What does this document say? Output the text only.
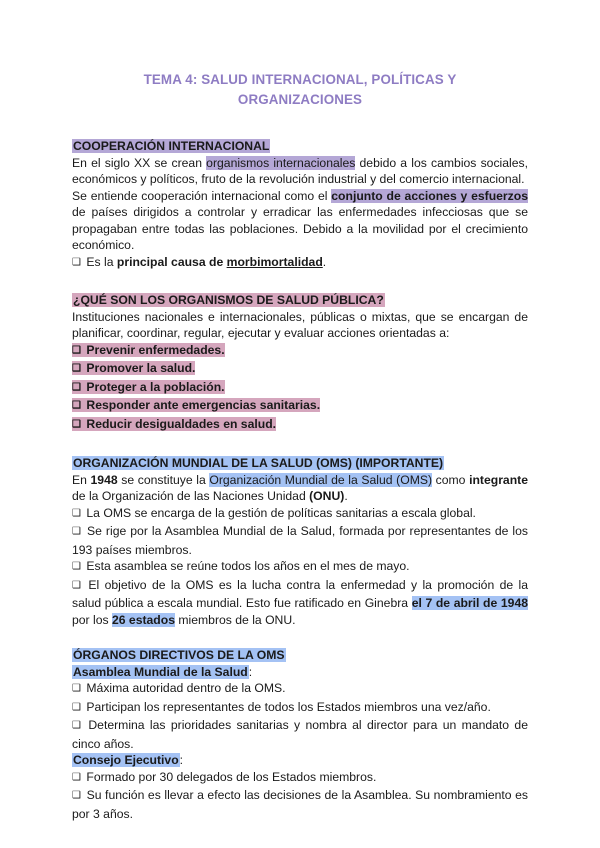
TEMA 4: SALUD INTERNACIONAL, POLÍTICAS Y
ORGANIZACIONES
COOPERACIÓN INTERNACIONAL

En el siglo XX se crean organismos internacionales debido a los cambios sociales, económicos y políticos, fruto de la revolución industrial y del comercio internacional.

Se entiende cooperación internacional como el conjunto de acciones y esfuerzos de países dirigidos a controlar y erradicar las enfermedades infecciosas que se propagaban entre todas las poblaciones. Debido a la movilidad por el crecimiento económico.

❑ Es la principal causa de morbimortalidad.

¿QUÉ SON LOS ORGANISMOS DE SALUD PÚBLICA?

Instituciones nacionales e internacionales, públicas o mixtas, que se encargan de planificar, coordinar, regular, ejecutar y evaluar acciones orientadas a:

❑ Prevenir enfermedades.
❑ Promover la salud.
❑ Proteger a la población.
❑ Responder ante emergencias sanitarias.
❑ Reducir desigualdades en salud.
ORGANIZACIÓN MUNDIAL DE LA SALUD (OMS) (IMPORTANTE)

En 1948 se constituye la Organización Mundial de la Salud (OMS) como integrante de la Organización de las Naciones Unidad (ONU).

❑ La OMS se encarga de la gestión de políticas sanitarias a escala global.

❑ Se rige por la Asamblea Mundial de la Salud, formada por representantes de los 193 países miembros.

❑ Esta asamblea se reúne todos los años en el mes de mayo.

❑ El objetivo de la OMS es la lucha contra la enfermedad y la promoción de la salud pública a escala mundial. Esto fue ratificado en Ginebra el 7 de abril de 1948 por los 26 estados miembros de la ONU.

ÓRGANOS DIRECTIVOS DE LA OMS
Asamblea Mundial de la Salud:

❑ Máxima autoridad dentro de la OMS.

❑ Participan los representantes de todos los Estados miembros una vez/año.

❑ Determina las prioridades sanitarias y nombra al director para un mandato de cinco años.

Consejo Ejecutivo:

❑ Formado por 30 delegados de los Estados miembros.

❑ Su función es llevar a efecto las decisiones de la Asamblea. Su nombramiento es por 3 años.
